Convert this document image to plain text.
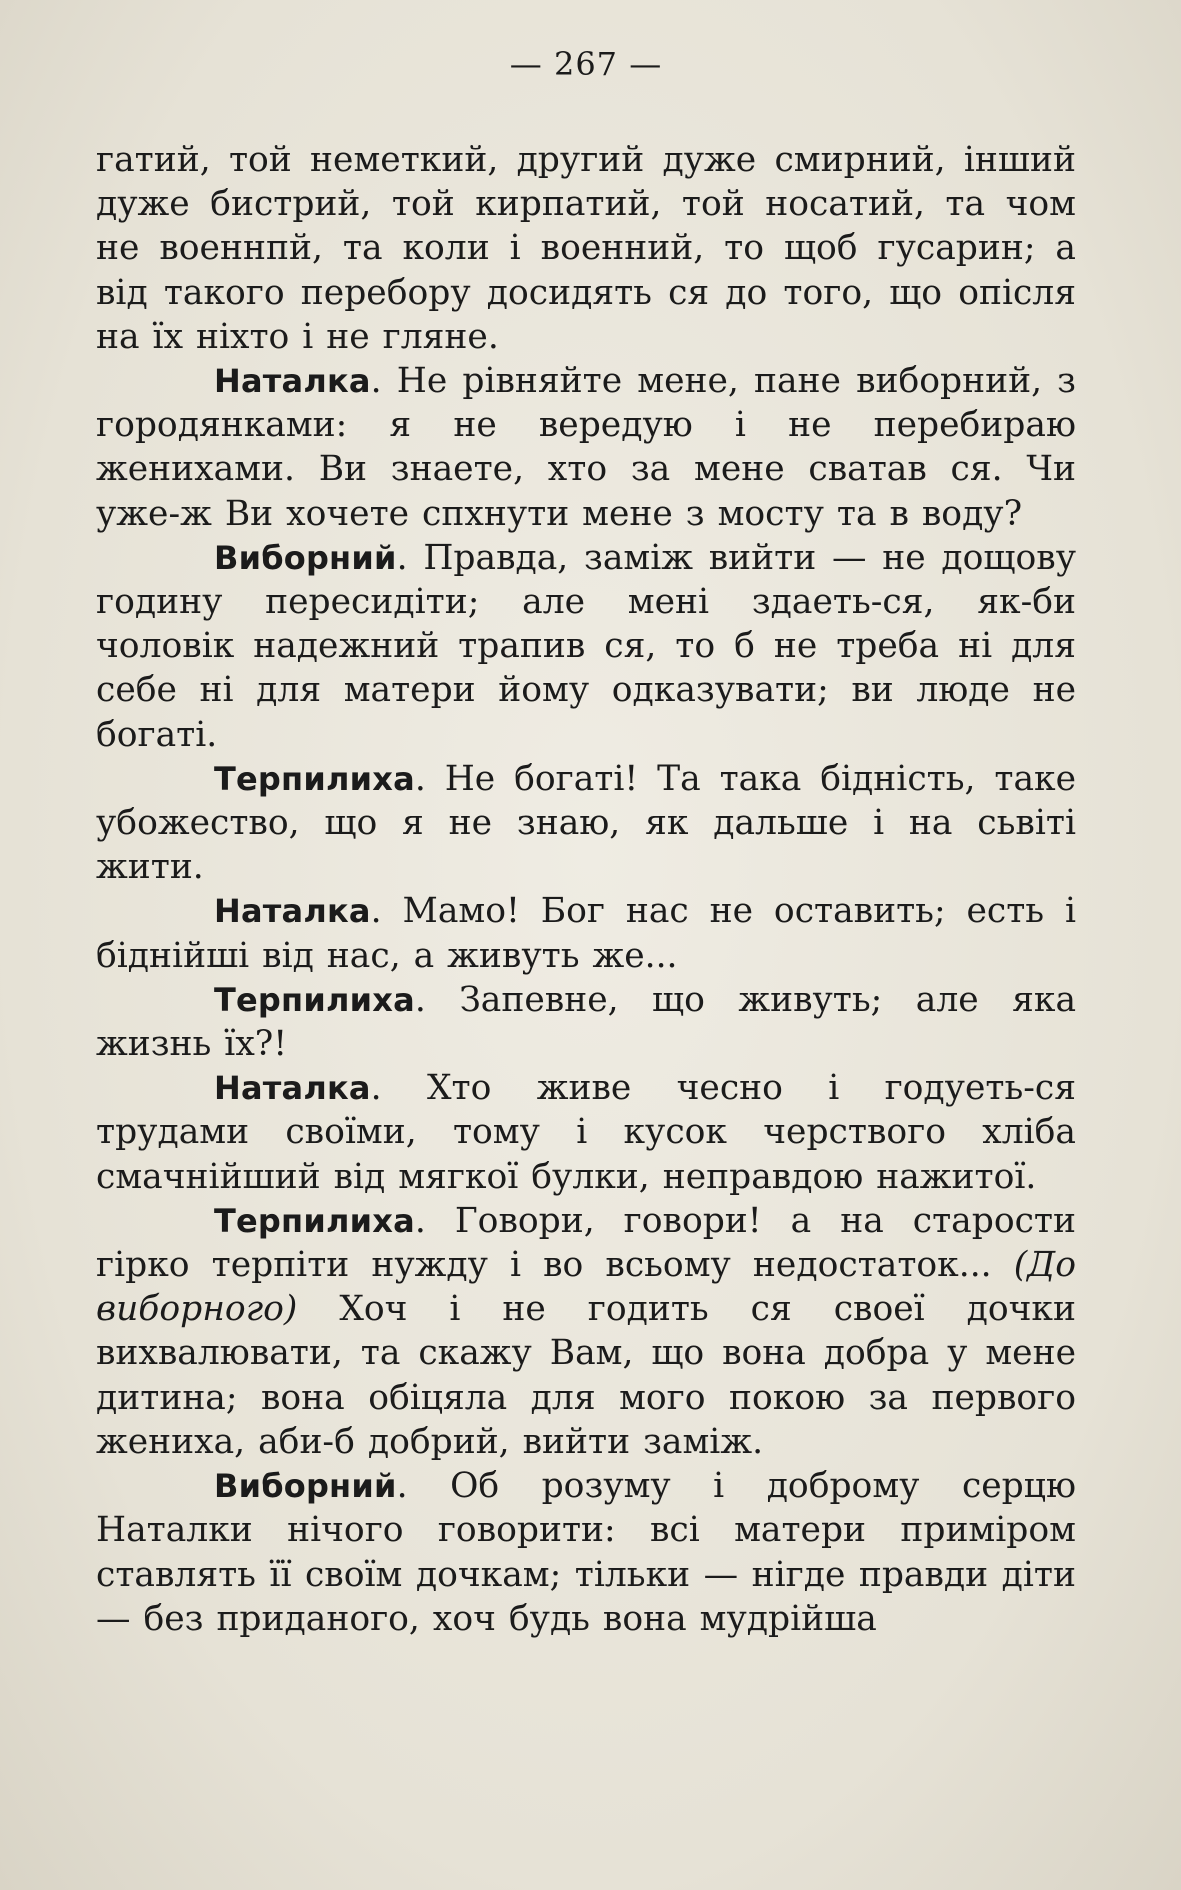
— 267 —

гатий, той неметкий, другий дуже смирний, інший дуже бистрий, той кирпатий, той носатий, та чом не военнпй, та коли і военний, то щоб гусарин; а від такого перебору досидять ся до того, що опісля на їх ніхто і не гляне.

Наталка. Не рівняйте мене, пане виборний, з городянками: я не вередую і не перебираю женихами. Ви знаете, хто за мене сватав ся. Чи уже-ж Ви хочете спхнути мене з мосту та в воду?

Виборний. Правда, заміж вийти — не дощову годину пересидіти; але мені здаеть-ся, як-би чоловік надежний трапив ся, то б не треба ні для себе ні для матери йому одказувати; ви люде не богаті.

Терпилиха. Не богаті! Та така бідність, таке убожество, що я не знаю, як дальше і на сьвіті жити.

Наталка. Мамо! Бог нас не оставить; есть і біднійші від нас, а живуть же...

Терпилиха. Запевне, що живуть; але яка жизнь їх?!

Наталка. Хто живе чесно і годуеть-ся трудами своїми, тому і кусок черствого хліба смачнійший від мягкої булки, неправдою нажитої.

Терпилиха. Говори, говори! а на старости гірко терпіти нужду і во всьому недостаток... (До виборного) Хоч і не годить ся своеї дочки вихвалювати, та скажу Вам, що вона добра у мене дитина; вона обіцяла для мого покою за первого жениха, аби-б добрий, вийти заміж.

Виборний. Об розуму і доброму серцю Наталки нічого говорити: всі матери приміром ставлять її своїм дочкам; тільки — нігде правди діти — без приданого, хоч будь вона мудрійша
